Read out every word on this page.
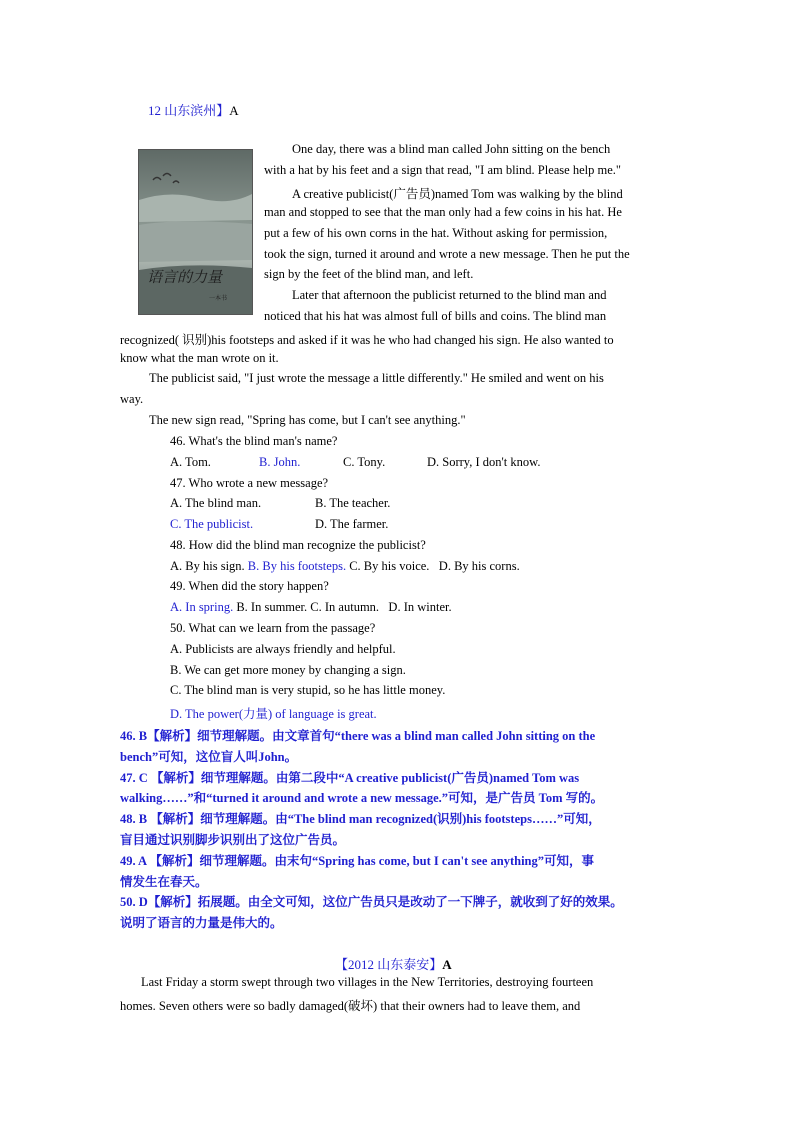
12 山东滨州】A
语言的力量
一本书
One day, there was a blind man called John sitting on the bench
with a hat by his feet and a sign that read, "I am blind. Please help me."
A creative publicist(广告员)named Tom was walking by the blind
man and stopped to see that the man only had a few coins in his hat. He
put a few of his own corns in the hat. Without asking for permission,
took the sign, turned it around and wrote a new message. Then he put the
sign by the feet of the blind man, and left.
Later that afternoon the publicist returned to the blind man and
noticed that his hat was almost full of bills and coins. The blind man
recognized( 识别)his footsteps and asked if it was he who had changed his sign. He also wanted to
know what the man wrote on it.
The publicist said, "I just wrote the message a little differently." He smiled and went on his
way.
The new sign read, "Spring has come, but I can't see anything."
46. What's the blind man's name?
A. Tom.	B. John.	C. Tony.	D. Sorry, I don't know.
47. Who wrote a new message?
A. The blind man.	B. The teacher.
C. The publicist.	D. The farmer.
48. How did the blind man recognize the publicist?
A. By his sign. B. By his footsteps. C. By his voice. D. By his corns.
49. When did the story happen?
A. In spring. B. In summer. C. In autumn. D. In winter.
50. What can we learn from the passage?
A. Publicists are always friendly and helpful.
B. We can get more money by changing a sign.
C. The blind man is very stupid, so he has little money.
D. The power(力量) of language is great.
46. B【解析】细节理解题。由文章首句“there was a blind man called John sitting on the
bench”可知，这位盲人叫John。
47. C 【解析】细节理解题。由第二段中“A creative publicist(广告员)named Tom was
walking……”和“turned it around and wrote a new message.”可知，是广告员 Tom 写的。
48. B 【解析】细节理解题。由“The blind man recognized(识别)his footsteps……”可知，
盲目通过识别脚步识别出了这位广告员。
49. A 【解析】细节理解题。由末句“Spring has come, but I can't see anything”可知，事
情发生在春天。
50. D【解析】拓展题。由全文可知，这位广告员只是改动了一下牌子，就收到了好的效果。
说明了语言的力量是伟大的。
【2012 山东泰安】A
Last Friday a storm swept through two villages in the New Territories, destroying fourteen
homes. Seven others were so badly damaged(破坏) that their owners had to leave them, and
